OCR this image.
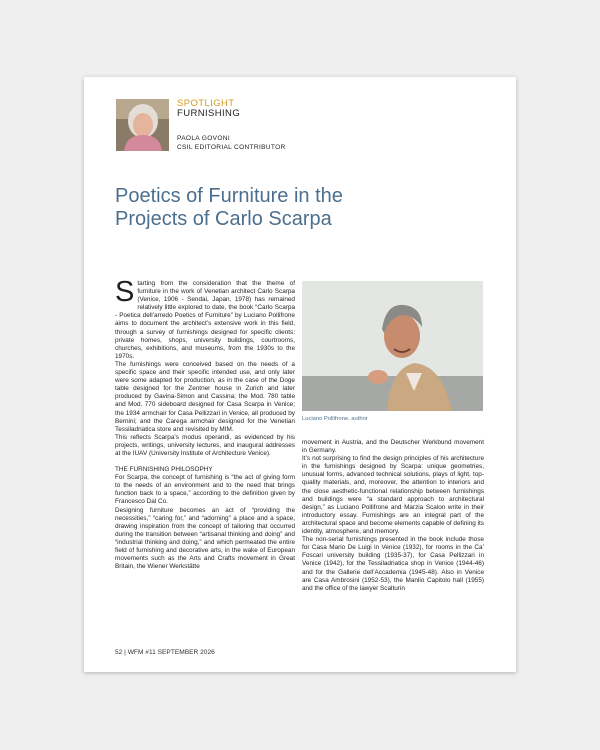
SPOTLIGHT
FURNISHING
PAOLA GOVONI
CSIL EDITORIAL CONTRIBUTOR
Poetics of Furniture in the
Projects of Carlo Scarpa

Starting from the consideration that the theme of furniture in the work of Venetian architect Carlo Scarpa (Venice, 1906 - Sendai, Japan, 1978) has remained relatively little explored to date, the book “Carlo Scarpa - Poetica dell’arredo Poetics of Furniture” by Luciano Pollifrone aims to document the architect’s extensive work in this field, through a survey of furnishings designed for specific clients: private homes, shops, university buildings, courtrooms, churches, exhibitions, and museums, from the 1930s to the 1970s.

The furnishings were conceived based on the needs of a specific space and their specific intended use, and only later were some adapted for production, as in the case of the Doge table designed for the Zentner house in Zurich and later produced by Gavina-Simon and Cassina; the Mod. 780 table and Mod. 770 sideboard designed for Casa Scarpa in Venice; the 1934 armchair for Casa Pellizzari in Venice, all produced by Bernini; and the Carega armchair designed for the Venetian Tessiladriatica store and revisited by MIM.

This reflects Scarpa’s modus operandi, as evidenced by his projects, writings, university lectures, and inaugural addresses at the IUAV (University Institute of Architecture Venice).

THE FURNISHING PHILOSOPHY

For Scarpa, the concept of furnishing is “the act of giving form to the needs of an environment and to the need that brings function back to a space,” according to the definition given by Francesco Dal Co.

Designing furniture becomes an act of “providing the necessities,” “caring for,” and “adorning” a place and a space, drawing inspiration from the concept of tailoring that occurred during the transition between “artisanal thinking and doing” and “industrial thinking and doing,” and which permeated the entire field of furnishing and decorative arts, in the wake of European movements such as the Arts and Crafts movement in Great Britain, the Wiener Werkstätte

Luciano Pollifrone, author

movement in Austria, and the Deutscher Werkbund movement in Germany.

It’s not surprising to find the design principles of his architecture in the furnishings designed by Scarpa: unique geometries, unusual forms, advanced technical solutions, plays of light, top-quality materials, and, moreover, the attention to interiors and the close aesthetic-functional relationship between furnishings and buildings were “a standard approach to architectural design,” as Luciano Pollifrone and Marzia Scalon write in their introductory essay. Furnishings are an integral part of the architectural space and become elements capable of defining its identity, atmosphere, and memory.

The non-serial furnishings presented in the book include those for Casa Mario De Luigi in Venice (1932), for rooms in the Ca’ Foscari university building (1935-37), for Casa Pellizzari in Venice (1942), for the Tessiladriatica shop in Venice (1944-46) and for the Gallerie dell’Accademia (1945-48). Also in Venice are Casa Ambrosini (1952-53), the Manlio Capitolo hall (1955) and the office of the lawyer Scalturin

52 | WFM #11 SEPTEMBER 2026
